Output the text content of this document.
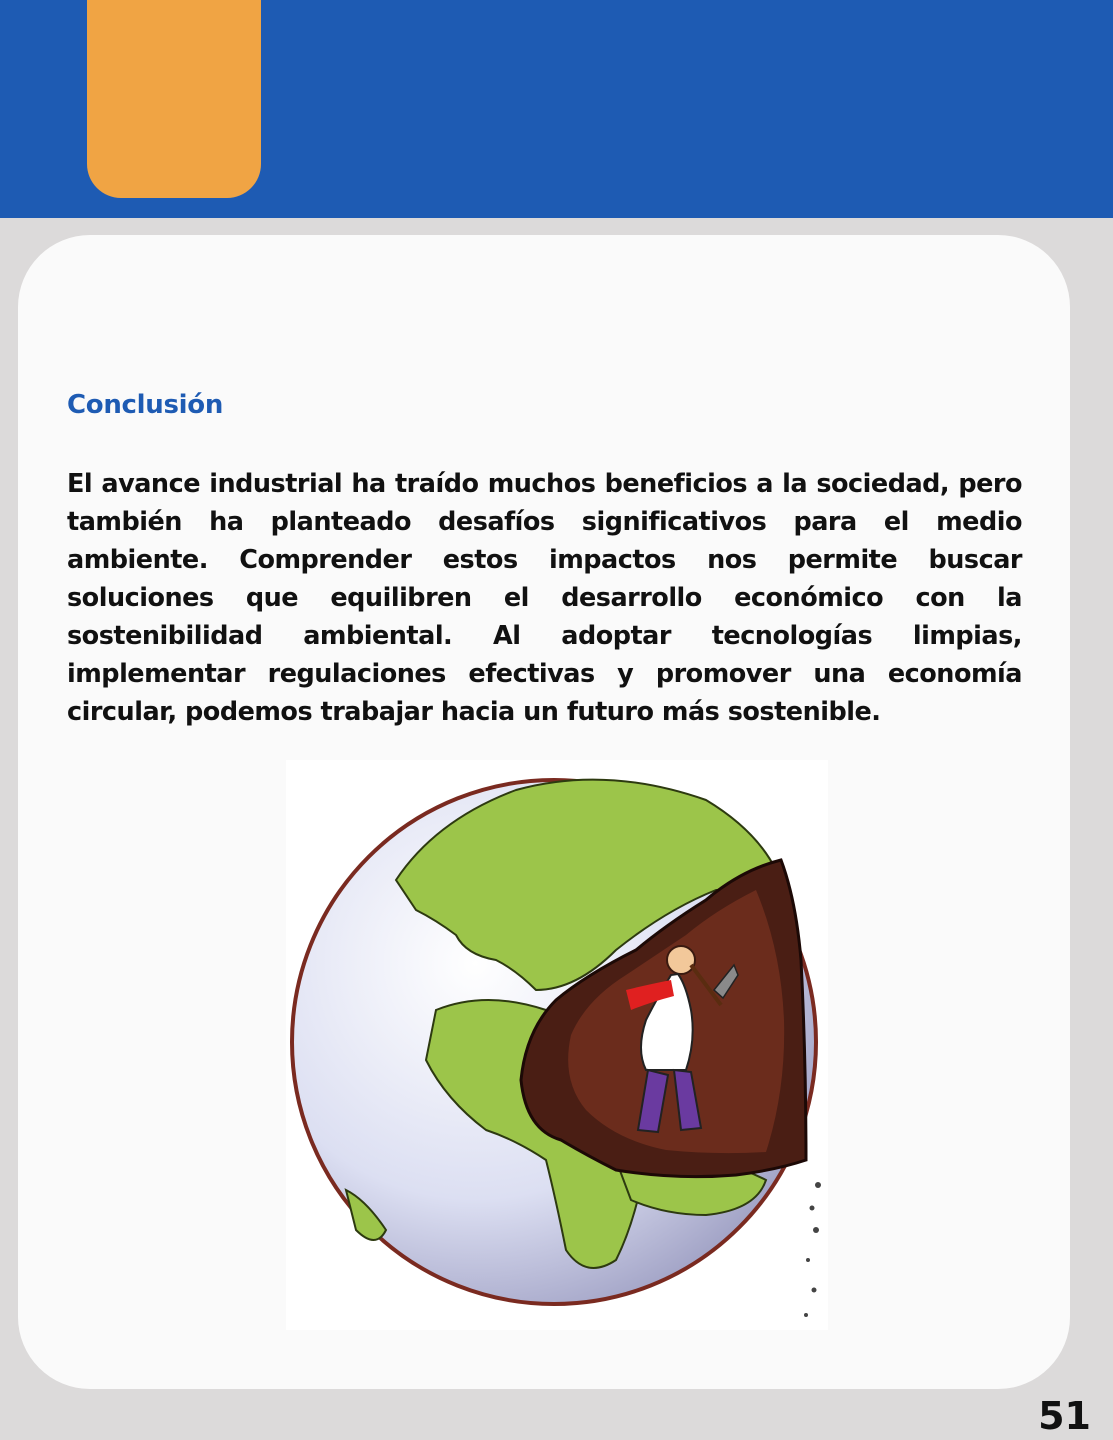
Conclusión

El avance industrial ha traído muchos beneficios a la sociedad, pero también ha planteado desafíos significativos para el medio ambiente. Comprender estos impactos nos permite buscar soluciones que equilibren el desarrollo económico con la sostenibilidad ambiental. Al adoptar tecnologías limpias, implementar regulaciones efectivas y promover una economía circular, podemos trabajar hacia un futuro más sostenible.

51
